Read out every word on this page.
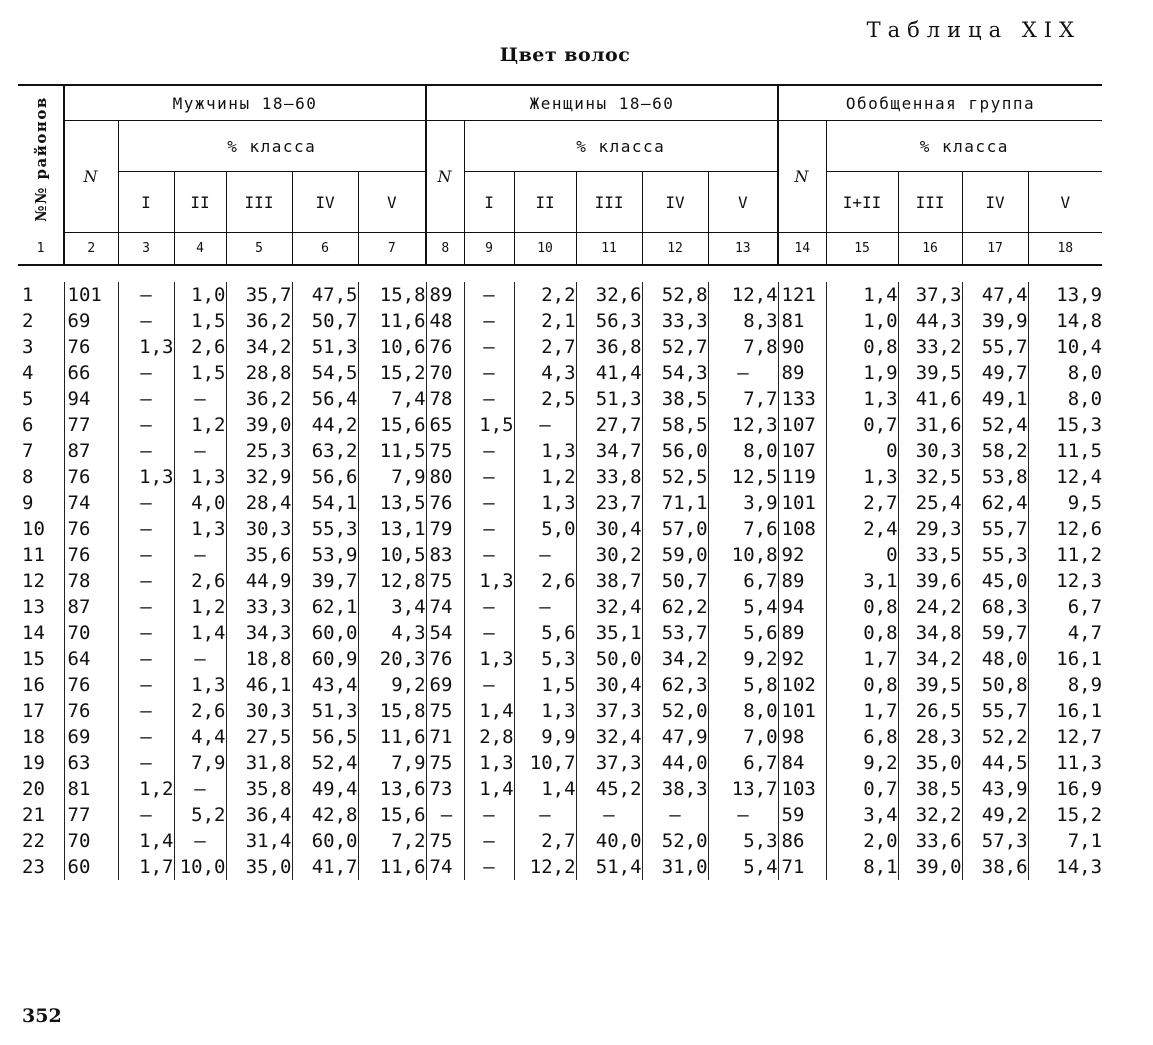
Таблица XIX
Цвет волос
№№ районов	Мужчины 18—60						Женщины 18—60						Обобщенная группа				
	N	% класса					N	% класса					N	% класса			
		I	II	III	IV	V		I	II	III	IV	V		I+II	III	IV	V
1	2	3	4	5	6	7	8	9	10	11	12	13	14	15	16	17	18

1	101	—	1,0	35,7	47,5	15,8	89	—	2,2	32,6	52,8	12,4	121	1,4	37,3	47,4	13,9
2	69	—	1,5	36,2	50,7	11,6	48	—	2,1	56,3	33,3	8,3	81	1,0	44,3	39,9	14,8
3	76	1,3	2,6	34,2	51,3	10,6	76	—	2,7	36,8	52,7	7,8	90	0,8	33,2	55,7	10,4
4	66	—	1,5	28,8	54,5	15,2	70	—	4,3	41,4	54,3	—	89	1,9	39,5	49,7	8,0
5	94	—	—	36,2	56,4	7,4	78	—	2,5	51,3	38,5	7,7	133	1,3	41,6	49,1	8,0
6	77	—	1,2	39,0	44,2	15,6	65	1,5	—	27,7	58,5	12,3	107	0,7	31,6	52,4	15,3
7	87	—	—	25,3	63,2	11,5	75	—	1,3	34,7	56,0	8,0	107	0	30,3	58,2	11,5
8	76	1,3	1,3	32,9	56,6	7,9	80	—	1,2	33,8	52,5	12,5	119	1,3	32,5	53,8	12,4
9	74	—	4,0	28,4	54,1	13,5	76	—	1,3	23,7	71,1	3,9	101	2,7	25,4	62,4	9,5
10	76	—	1,3	30,3	55,3	13,1	79	—	5,0	30,4	57,0	7,6	108	2,4	29,3	55,7	12,6
11	76	—	—	35,6	53,9	10,5	83	—	—	30,2	59,0	10,8	92	0	33,5	55,3	11,2
12	78	—	2,6	44,9	39,7	12,8	75	1,3	2,6	38,7	50,7	6,7	89	3,1	39,6	45,0	12,3
13	87	—	1,2	33,3	62,1	3,4	74	—	—	32,4	62,2	5,4	94	0,8	24,2	68,3	6,7
14	70	—	1,4	34,3	60,0	4,3	54	—	5,6	35,1	53,7	5,6	89	0,8	34,8	59,7	4,7
15	64	—	—	18,8	60,9	20,3	76	1,3	5,3	50,0	34,2	9,2	92	1,7	34,2	48,0	16,1
16	76	—	1,3	46,1	43,4	9,2	69	—	1,5	30,4	62,3	5,8	102	0,8	39,5	50,8	8,9
17	76	—	2,6	30,3	51,3	15,8	75	1,4	1,3	37,3	52,0	8,0	101	1,7	26,5	55,7	16,1
18	69	—	4,4	27,5	56,5	11,6	71	2,8	9,9	32,4	47,9	7,0	98	6,8	28,3	52,2	12,7
19	63	—	7,9	31,8	52,4	7,9	75	1,3	10,7	37,3	44,0	6,7	84	9,2	35,0	44,5	11,3
20	81	1,2	—	35,8	49,4	13,6	73	1,4	1,4	45,2	38,3	13,7	103	0,7	38,5	43,9	16,9
21	77	—	5,2	36,4	42,8	15,6	—	—	—	—	—	—	59	3,4	32,2	49,2	15,2
22	70	1,4	—	31,4	60,0	7,2	75	—	2,7	40,0	52,0	5,3	86	2,0	33,6	57,3	7,1
23	60	1,7	10,0	35,0	41,7	11,6	74	—	12,2	51,4	31,0	5,4	71	8,1	39,0	38,6	14,3
352
